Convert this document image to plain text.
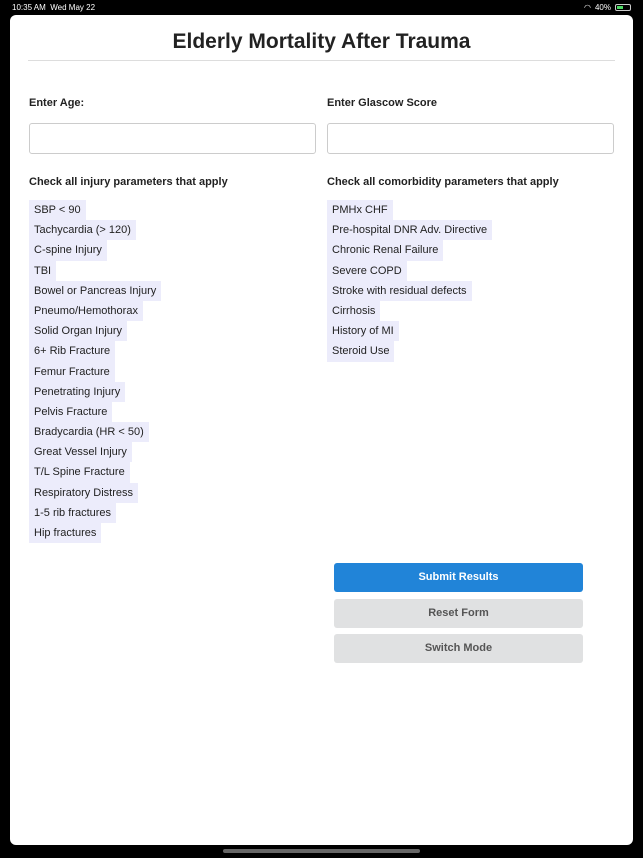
10:35 AM
Wed May 22	◠ 40%
Elderly Mortality After Trauma
Enter Age:	Enter Glascow Score
Check all injury parameters that apply
SBP < 90
Tachycardia (> 120)
C-spine Injury
TBI
Bowel or Pancreas Injury
Pneumo/Hemothorax
Solid Organ Injury
6+ Rib Fracture
Femur Fracture
Penetrating Injury
Pelvis Fracture
Bradycardia (HR < 50)
Great Vessel Injury
T/L Spine Fracture
Respiratory Distress
1-5 rib fractures
Hip fractures
Check all comorbidity parameters that apply
PMHx CHF
Pre-hospital DNR Adv. Directive
Chronic Renal Failure
Severe COPD
Stroke with residual defects
Cirrhosis
History of MI
Steroid Use
Submit Results
Reset Form
Switch Mode
